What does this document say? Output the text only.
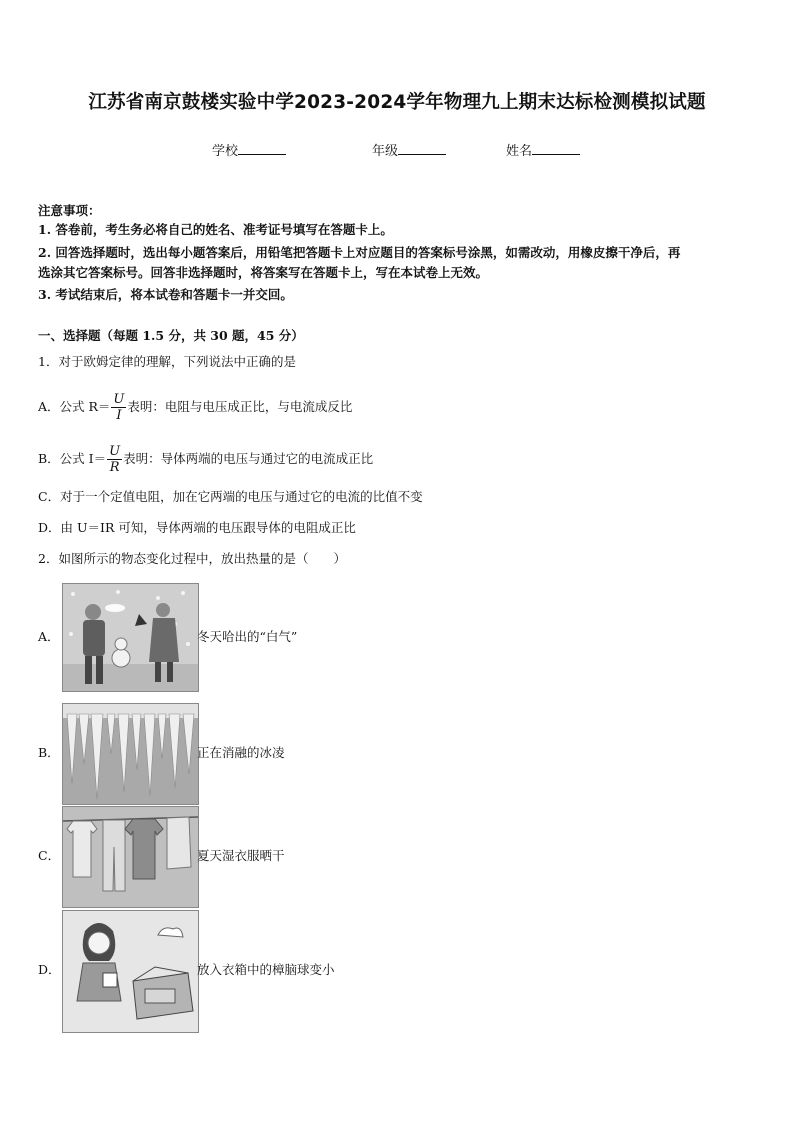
江苏省南京鼓楼实验中学2023-2024学年物理九上期末达标检测模拟试题
学校	年级	姓名
注意事项：
1. 答卷前，考生务必将自己的姓名、准考证号填写在答题卡上。
2. 回答选择题时，选出每小题答案后，用铅笔把答题卡上对应题目的答案标号涂黑，如需改动，用橡皮擦干净后，再
选涂其它答案标号。回答非选择题时，将答案写在答题卡上，写在本试卷上无效。
3. 考试结束后，将本试卷和答题卡一并交回。
一、选择题（每题 1.5 分，共 30 题，45 分）
1．对于欧姆定律的理解，下列说法中正确的是
A．公式 $R= \frac{U}{I}$ 表明：电阻与电压成正比，与电流成反比
B．公式 $I= \frac{U}{R}$ 表明：导体两端的电压与通过它的电流成正比
C．对于一个定值电阻，加在它两端的电压与通过它的电流的比值不变
D．由 U＝IR 可知，导体两端的电压跟导体的电阻成正比
2．如图所示的物态变化过程中，放出热量的是（　　）
A．	冬天哈出的“白气”
B．	正在消融的冰凌
C．	夏天湿衣服晒干
D．	放入衣箱中的樟脑球变小
